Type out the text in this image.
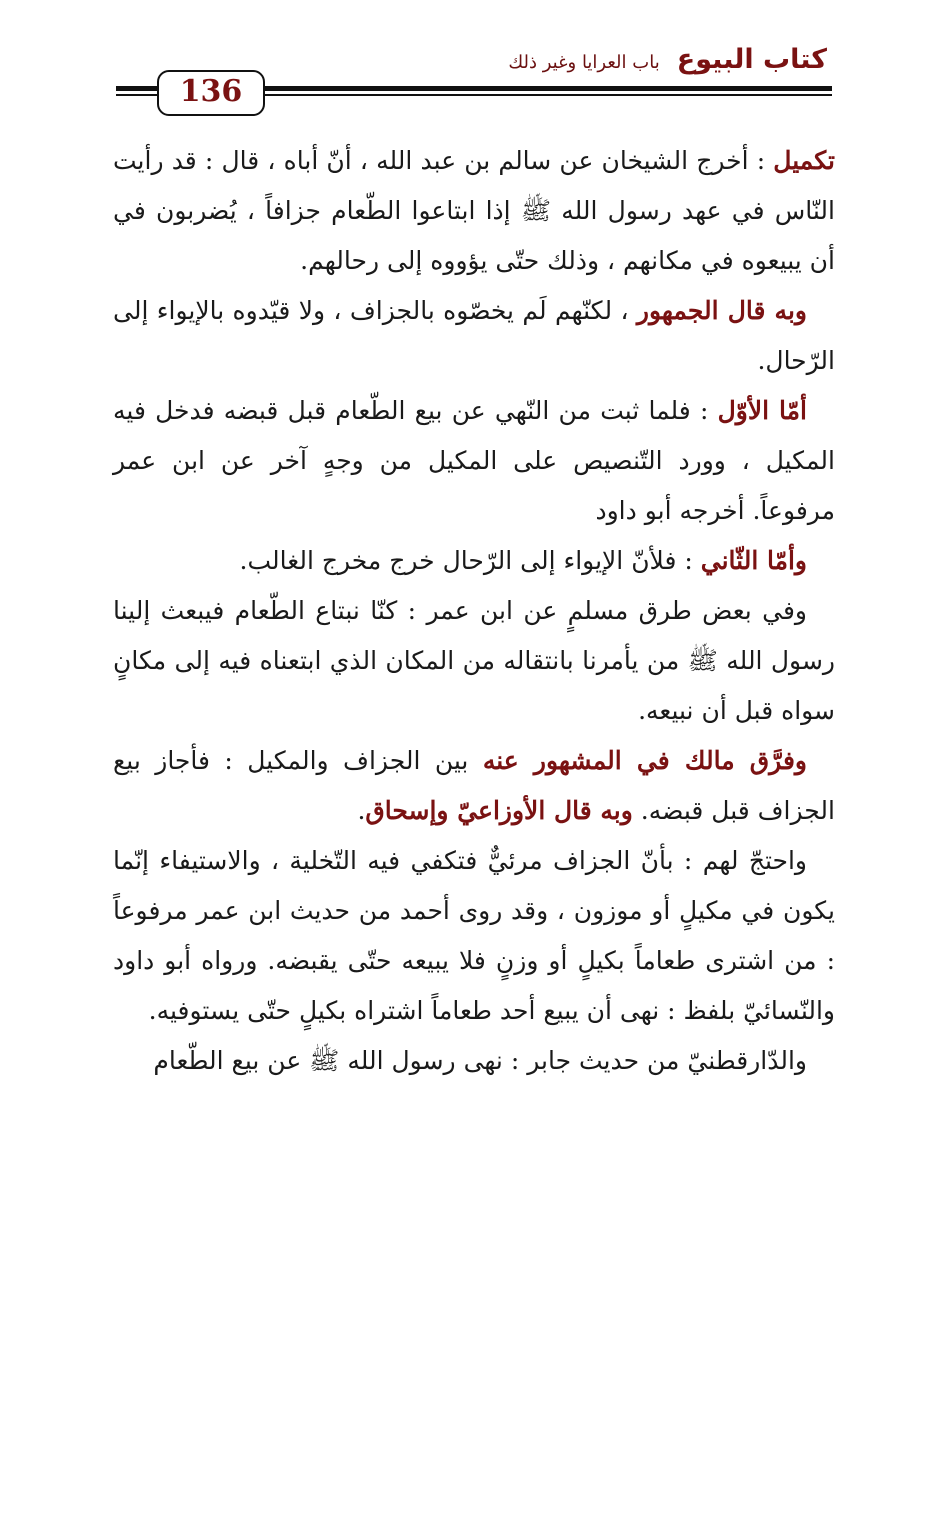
كتاب البيوع باب العرايا وغير ذلك
136

تكميل : أخرج الشيخان عن سالم بن عبد الله ، أنّ أباه ، قال : قد رأيت النّاس في عهد رسول الله ﷺ إذا ابتاعوا الطّعام جزافاً ، يُضربون في أن يبيعوه في مكانهم ، وذلك حتّى يؤووه إلى رحالهم.

وبه قال الجمهور ، لكنّهم لَم يخصّوه بالجزاف ، ولا قيّدوه بالإيواء إلى الرّحال.

أمّا الأوّل : فلما ثبت من النّهي عن بيع الطّعام قبل قبضه فدخل فيه المكيل ، وورد التّنصيص على المكيل من وجهٍ آخر عن ابن عمر مرفوعاً. أخرجه أبو داود

وأمّا الثّاني : فلأنّ الإيواء إلى الرّحال خرج مخرج الغالب.

وفي بعض طرق مسلمٍ عن ابن عمر : كنّا نبتاع الطّعام فيبعث إلينا رسول الله ﷺ من يأمرنا بانتقاله من المكان الذي ابتعناه فيه إلى مكانٍ سواه قبل أن نبيعه.

وفرَّق مالك في المشهور عنه بين الجزاف والمكيل : فأجاز بيع الجزاف قبل قبضه. وبه قال الأوزاعيّ وإسحاق.

واحتجّ لهم : بأنّ الجزاف مرئيٌّ فتكفي فيه التّخلية ، والاستيفاء إنّما يكون في مكيلٍ أو موزون ، وقد روى أحمد من حديث ابن عمر مرفوعاً : من اشترى طعاماً بكيلٍ أو وزنٍ فلا يبيعه حتّى يقبضه. ورواه أبو داود والنّسائيّ بلفظ : نهى أن يبيع أحد طعاماً اشتراه بكيلٍ حتّى يستوفيه.

والدّارقطنيّ من حديث جابر : نهى رسول الله ﷺ عن بيع الطّعام
